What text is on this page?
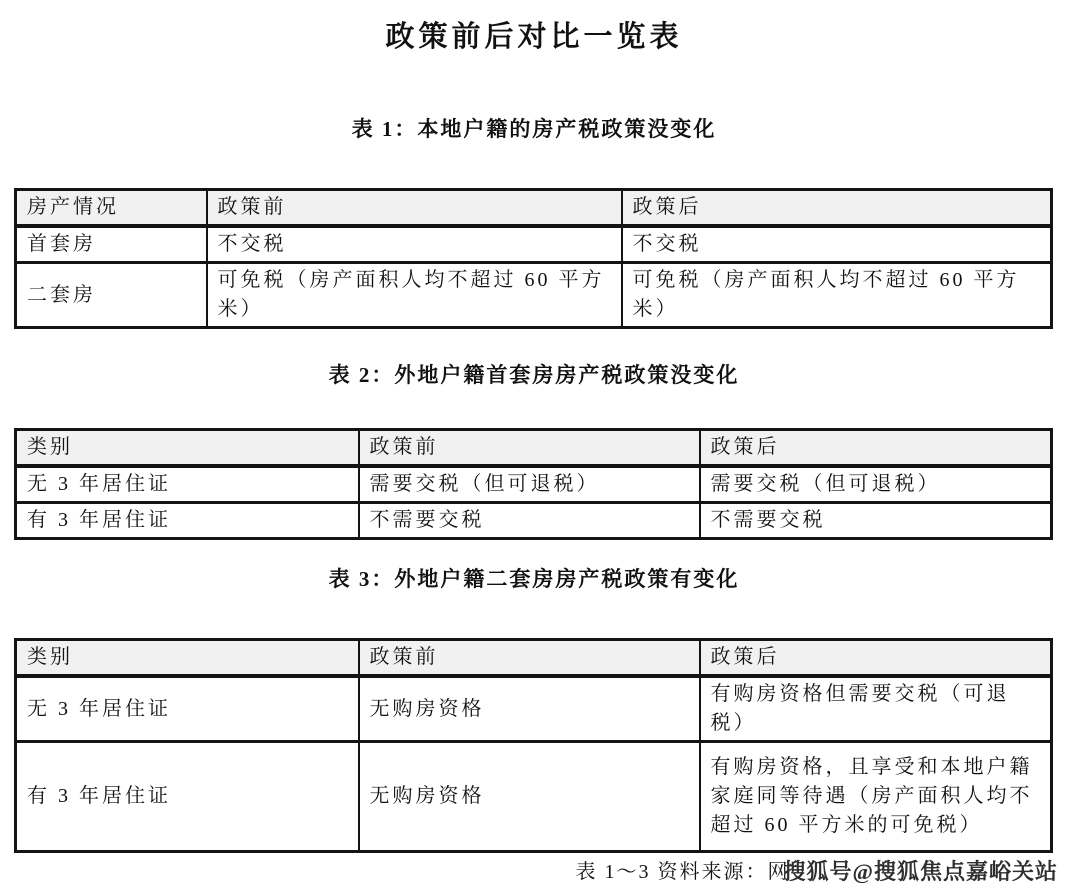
政策前后对比一览表
表 1：本地户籍的房产税政策没变化
房产情况	政策前	政策后
首套房	不交税	不交税
二套房	可免税（房产面积人均不超过 60 平方米）	可免税（房产面积人均不超过 60 平方米）
表 2：外地户籍首套房房产税政策没变化
类别	政策前	政策后
无 3 年居住证	需要交税（但可退税）	需要交税（但可退税）
有 3 年居住证	不需要交税	不需要交税
表 3：外地户籍二套房房产税政策有变化
类别	政策前	政策后
无 3 年居住证	无购房资格	有购房资格但需要交税（可退税）
有 3 年居住证	无购房资格	有购房资格，且享受和本地户籍家庭同等待遇（房产面积人均不超过 60 平方米的可免税）
表 1～3 资料来源：网搜狐号@搜狐焦点嘉峪关站
